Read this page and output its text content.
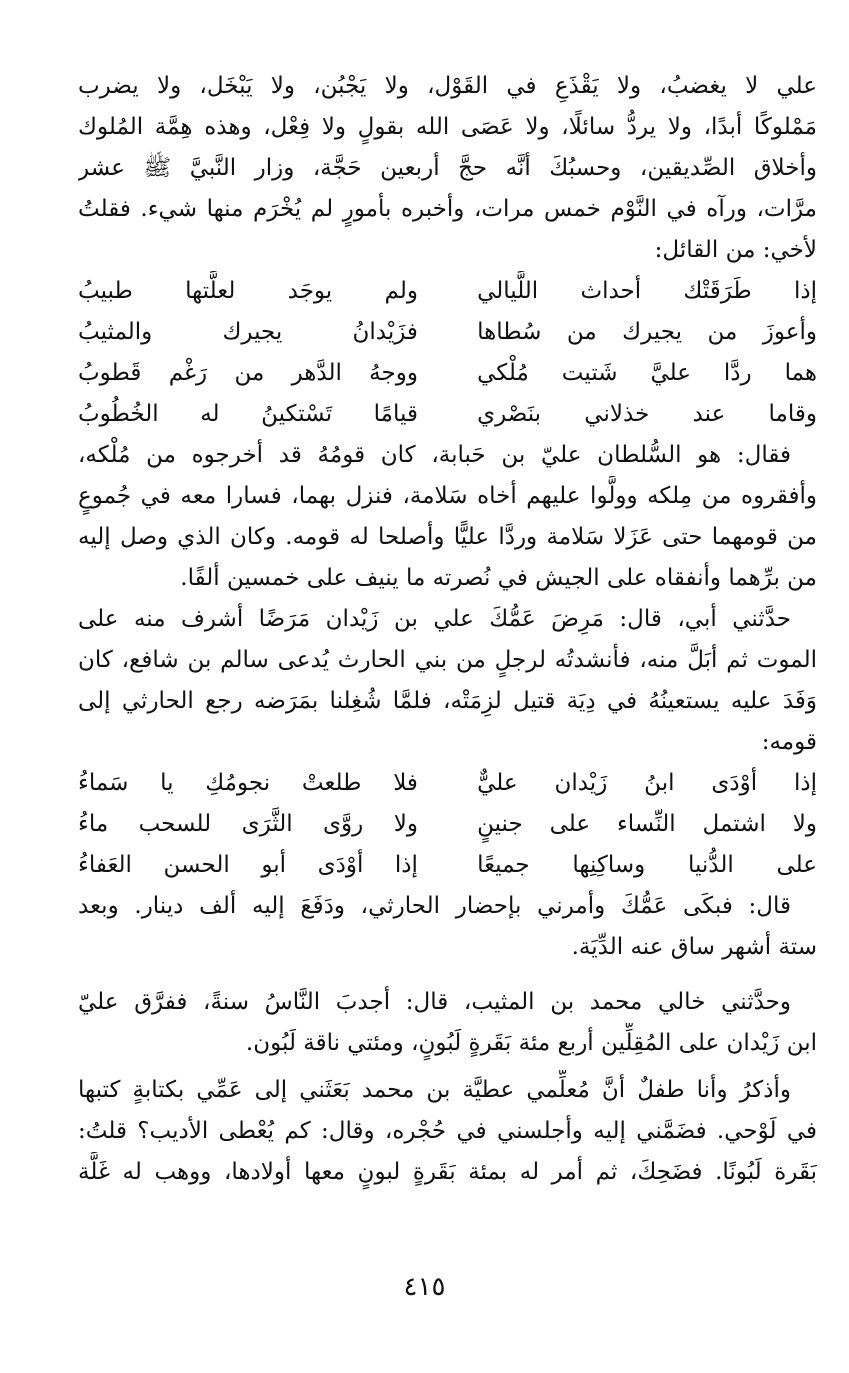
علي لا يغضبُ، ولا يَقْذَعِ في القَوْل، ولا يَجْبُن، ولا يَبْخَل، ولا يضرب
مَمْلوكًا أبدًا، ولا يردُّ سائلًا، ولا عَصَى الله بقولٍ ولا فِعْل، وهذه هِمَّة المُلوك
وأخلاق الصِّديقين، وحسبُكَ أنَّه حجَّ أربعين حَجَّة، وزار النَّبيَّ ﷺ عشر
مرَّات، ورآه في النَّوْم خمس مرات، وأخبره بأمورٍ لم يُخْرَم منها شيء. فقلتُ
لأخي: من القائل:
إذا طَرَقَتْك أحداث اللَّيالي
ولم يوجَد لعلَّتها طبيبُ
وأعوزَ من يجيرك من سُطاها
فزَيْدانُ يجيرك والمثيبُ
هما ردَّا عليَّ شَتيت مُلْكي
ووجهُ الدَّهر من رَغْم قَطوبُ
وقاما عند خذلاني بنَصْري
قيامًا تَسْتكينُ له الخُطُوبُ
فقال: هو السُّلطان عليّ بن حَبابة، كان قومُهُ قد أخرجوه من مُلْكه،
وأفقروه من مِلكه وولَّوا عليهم أخاه سَلامة، فنزل بهما، فسارا معه في جُموعٍ
من قومهما حتى عَزَلا سَلامة وردَّا عليًّا وأصلحا له قومه. وكان الذي وصل إليه
من برِّهما وأنفقاه على الجيش في نُصرته ما ينيف على خمسين ألفًا.
حدَّثني أبي، قال: مَرِضَ عَمُّكَ علي بن زَيْدان مَرَضًا أشرف منه على
الموت ثم أبَلَّ منه، فأنشدتُه لرجلٍ من بني الحارث يُدعى سالم بن شافع، كان
وَفَدَ عليه يستعينُهُ في دِيَة قتيل لزِمَتْه، فلمَّا شُغِلنا بمَرَضه رجع الحارثي إلى
قومه:
إذا أوْدَى ابنُ زَيْدان عليٌّ
فلا طلعتْ نجومُكِ يا سَماءُ
ولا اشتمل النِّساء على جنينٍ
ولا روَّى الثَّرَى للسحب ماءُ
على الدُّنيا وساكِنِها جميعًا
إذا أوْدَى أبو الحسن العَفاءُ
قال: فبكَى عَمُّكَ وأمرني بإحضار الحارثي، ودَفَعَ إليه ألف دينار. وبعد
ستة أشهر ساق عنه الدِّيَة.
وحدَّثني خالي محمد بن المثيب، قال: أجدبَ النَّاسُ سنةً، ففرَّق عليّ
ابن زَيْدان على المُقِلِّين أربع مئة بَقَرةٍ لَبُونٍ، ومئتي ناقة لَبُون.
وأذكرُ وأنا طفلٌ أنَّ مُعلِّمي عطيَّة بن محمد بَعَثَني إلى عَمِّي بكتابةٍ كتبها
في لَوْحي. فضَمَّني إليه وأجلسني في حُجْره، وقال: كم يُعْطى الأديب؟ قلتُ:
بَقَرة لَبُونًا. فضَحِكَ، ثم أمر له بمئة بَقَرةٍ لبونٍ معها أولادها، ووهب له غَلَّة
٤١٥
